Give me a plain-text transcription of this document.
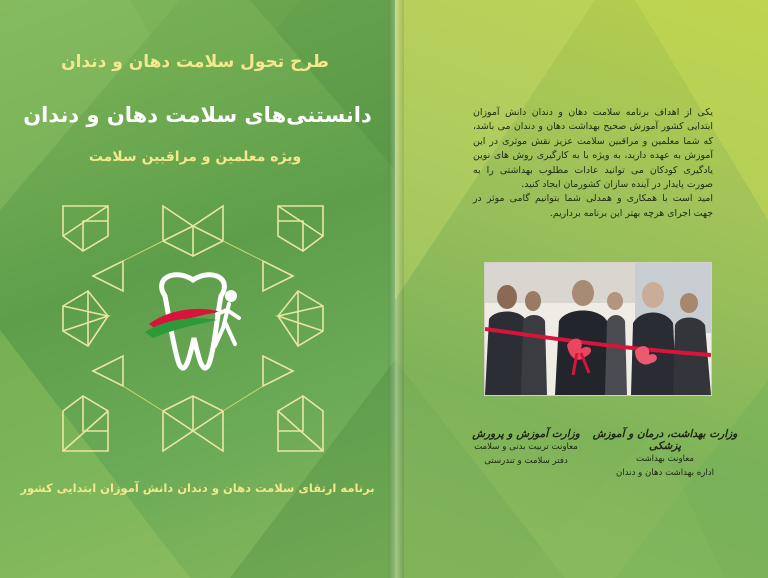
طرح تحول سلامت دهان و دندان
دانستنی‌های سلامت دهان و دندان
ویژه معلمین و مراقبین سلامت
برنامه ارتقای سلامت دهان و دندان دانش آموزان ابتدایی کشور

یکی از اهداف برنامه سلامت دهان و دندان دانش آموزان ابتدایی کشور آموزش صحیح بهداشت دهان و دندان می باشد، که شما معلمین و مراقبین سلامت عزیز نقش موثری در این آموزش به عهده دارید، به ویژه با به کارگیری روش های نوین یادگیری کودکان می توانید عادات مطلوب بهداشتی را به صورت پایدار در آینده سازان کشورمان ایجاد کنید.

امید است با همکاری و همدلی شما بتوانیم گامی موثر در جهت اجرای هرچه بهتر این برنامه برداریم.

وزارت بهداشت، درمان و آموزش پزشکی
معاونت بهداشت
اداره بهداشت دهان و دندان
وزارت آموزش و پرورش
معاونت تربیت بدنی و سلامت
دفتر سلامت و تندرستی
